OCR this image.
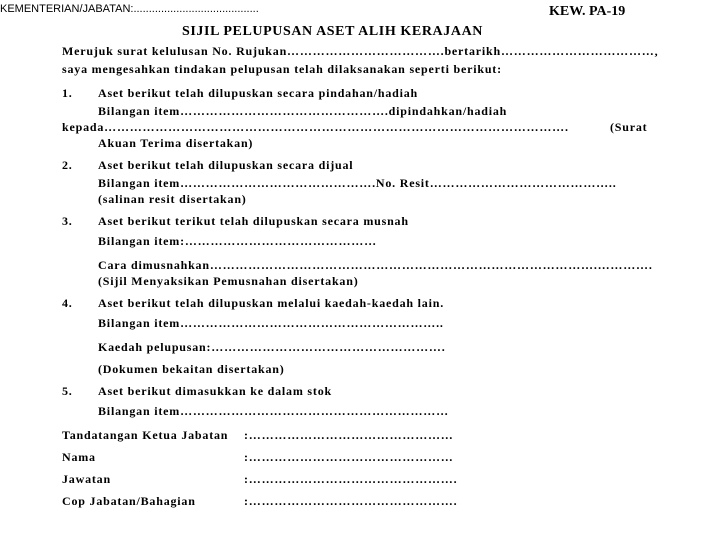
KEMENTERIAN/JABATAN:.........................................	KEW. PA-19
SIJIL PELUPUSAN ASET ALIH KERAJAAN
Merujuk surat kelulusan No. Rujukan……………………………….bertarikh………………………………,
saya mengesahkan tindakan pelupusan telah dilaksanakan seperti berikut:
1. Aset berikut telah dilupuskan secara pindahan/hadiah
Bilangan item………………………………………….dipindahkan/hadiah
kepada……………………………………………………………………………………………….	(Surat
Akuan Terima disertakan)
2. Aset berikut telah dilupuskan secara dijual
Bilangan item……………………………………….No. Resit……………………………………..
(salinan resit disertakan)
3. Aset berikut terikut telah dilupuskan secara musnah
Bilangan item:………………………………………
Cara dimusnahkan……………………………………………………………………………….………….
(Sijil Menyaksikan Pemusnahan disertakan)
4. Aset berikut telah dilupuskan melalui kaedah-kaedah lain.
Bilangan item……………………………………………………..
Kaedah pelupusan:……………………………………………….
(Dokumen bekaitan disertakan)
5. Aset berikut dimasukkan ke dalam stok
Bilangan item………………………………………………………
Tandatangan Ketua Jabatan :…………………………………………
Nama	:…………………………………………
Jawatan	:………………………………………….
Cop Jabatan/Bahagian	:………………………………………….
